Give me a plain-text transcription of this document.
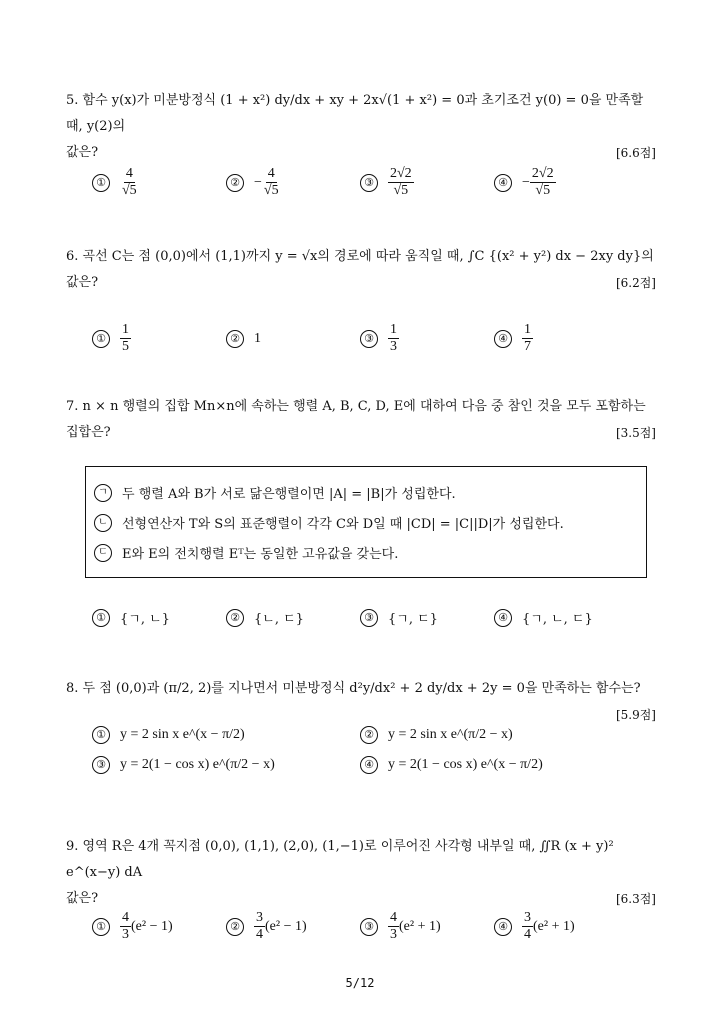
5. 함수 y(x)가 미분방정식 (1 + x²) dy/dx + xy + 2x√(1 + x²) = 0과 초기조건 y(0) = 0을 만족할 때, y(2)의
값은?	[6.6점]
① $\frac{4}{√5}$	② − $\frac{4}{√5}$	③ $\frac{2√2}{√5}$	④ − $\frac{2√2}{√5}$
6. 곡선 C는 점 (0,0)에서 (1,1)까지 y = √x의 경로에 따라 움직일 때, ∫C {(x² + y²) dx − 2xy dy}의
값은?	[6.2점]
① $\frac{1}{5}$	② 1	③ $\frac{1}{3}$	④ $\frac{1}{7}$
7. n × n 행렬의 집합 Mn×n에 속하는 행렬 A, B, C, D, E에 대하여 다음 중 참인 것을 모두 포함하는
집합은?	[3.5점]
ㄱ	두 행렬 A와 B가 서로 닮은행렬이면 |A| = |B|가 성립한다.
ㄴ	선형연산자 T와 S의 표준행렬이 각각 C와 D일 때 |CD| = |C||D|가 성립한다.
ㄷ	E와 E의 전치행렬 Eᵀ는 동일한 고유값을 갖는다.
①	{ㄱ, ㄴ}	②	{ㄴ, ㄷ}	③	{ㄱ, ㄷ}	④	{ㄱ, ㄴ, ㄷ}
8. 두 점 (0,0)과 (π/2, 2)를 지나면서 미분방정식 d²y/dx² + 2 dy/dx + 2y = 0을 만족하는 함수는?
[5.9점]
① y = 2 sin x e^(x − π/2)	② y = 2 sin x e^(π/2 − x)
③ y = 2(1 − cos x) e^(π/2 − x)	④ y = 2(1 − cos x) e^(x − π/2)
9. 영역 R은 4개 꼭지점 (0,0), (1,1), (2,0), (1,−1)로 이루어진 사각형 내부일 때, ∬R (x + y)² e^(x−y) dA
값은?	[6.3점]
① $\frac{4}{3} (e^2 - 1)$	② $\frac{3}{4} (e^2 - 1)$	③ $\frac{4}{3} (e^2 + 1)$	④ $\frac{3}{4} (e^2 + 1)$
5/12
